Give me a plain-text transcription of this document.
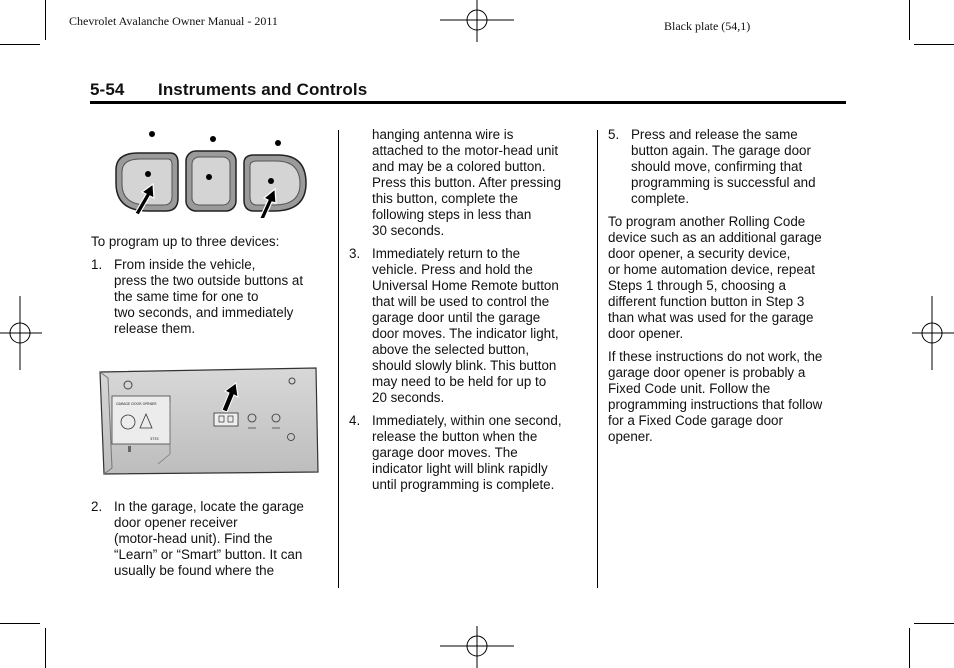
Chevrolet Avalanche Owner Manual - 2011	Black plate (54,1)
5-54 Instruments and Controls

To program up to three devices:

1. From inside the vehicle,
press the two outside buttons at
the same time for one to
two seconds, and immediately
release them.
GARAGE DOOR OPENER
3755
2. In the garage, locate the garage
door opener receiver
(motor-head unit). Find the
“Learn” or “Smart” button. It can
usually be found where the
hanging antenna wire is
attached to the motor-head unit
and may be a colored button.
Press this button. After pressing
this button, complete the
following steps in less than
30 seconds.
3. Immediately return to the
vehicle. Press and hold the
Universal Home Remote button
that will be used to control the
garage door until the garage
door moves. The indicator light,
above the selected button,
should slowly blink. This button
may need to be held for up to
20 seconds.
4. Immediately, within one second,
release the button when the
garage door moves. The
indicator light will blink rapidly
until programming is complete.
5. Press and release the same
button again. The garage door
should move, confirming that
programming is successful and
complete.

To program another Rolling Code
device such as an additional garage
door opener, a security device,
or home automation device, repeat
Steps 1 through 5, choosing a
different function button in Step 3
than what was used for the garage
door opener.

If these instructions do not work, the
garage door opener is probably a
Fixed Code unit. Follow the
programming instructions that follow
for a Fixed Code garage door
opener.
